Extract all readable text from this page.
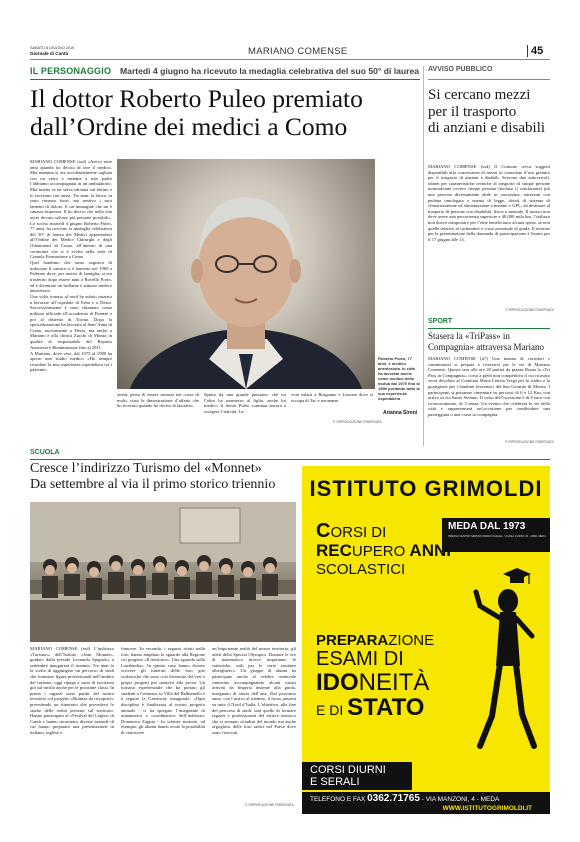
SABATO 8 GIUGNO 2019
Giornale di Cantù	MARIANO COMENSE	45
IL PERSONAGGIO Martedì 4 giugno ha ricevuto la medaglia celebrativa del suo 50° di laurea
Il dottor Roberto Puleo premiato
dall’Ordine dei medici a Como

MARIANO COMENSE (ssd) «Avevo sette anni quando ho deciso di fare il medico. Mia mamma si era accidentalmente tagliata con un vetro e insieme a mio padre l’abbiamo accompagnata in un ambulatorio. Mia madre se ne stava sdraiata sul lettino e lo facevano con ansia. Tre anni, la fatica, in sono rimasto fuori, ma sentivo i suoi lamenti di dolore. E un’immagine che mi è rimasta impressa. Il ho deciso che nella vita avrei dovuto salvare più persone possibili». Lo scorso martedì 4 giugno Roberto Puleo, 77 anni, ha ricevuto la medaglia celebrativa del 50° di laurea dei Medici appartenenti all’Ordine dei Medici Chirurghi e degli Odontoiatri di Como, all’interno di una cerimonia che si è svolta nella sede di Comola Formazione a Como.

Quel bambino che tanto sognava di indossare il camice si è laureato nel 1969 a Palermo dove, per motivi di famiglia, si era trasferito dopo essere nato a Rovello Porro, ed è diventato un brillante e stimato medico anestesista.

Una volta tornato al nord ha subito iniziato a lavorare all’ospedale di Erba e a Desio. Successivamente è stato chiamato come militare ufficiale all’accademia di Firenze e poi al distretto di Torino. Dopo la specializzazione ha lavorato al Sant’Anna di Como, nuovamente a Desio, ma anche a Mariano e alla clinica Zucchi di Monza in qualità di responsabile del Reparto Anestesia e Rianimazione fino al 2011.

A Mariano, dove vive, dal 1975 al 1989 ha aperto uno studio medico «Ho sempre ricordato la mia esperienza ospedaliera tra i pazienti»

Roberto Puleo, 77 anni, è medico anestesista. In città ha lavorato anche come medico della mutua dal 1975 fino al 1989 portando tutto la sua esperienza ospedaliera

zienti, perso di essere rimasto nel cuore di molti, visto le dimostrazione d’affetto che ho ricevuto quando ho deciso di lasciare».

Spinto da una grande passione, che tra l’altro ha trasmesso al figlio, anche lui medico, il dottor Puleo continua ancora a svolgere l’attività. La-

vora infatti a Brugnano e Lissone dove si occupa di Tac e risonanze.

Arianna Sironi
© RIPRODUZIONE RISERVATA
AVVISO PUBBLICO
Si cercano mezzi
per il trasporto
di anziani e disabili
MARIANO COMENSE (ssd) Il Comune cerca soggetti disponibili alla concessione di mezzi in comodato d’uso gratuito per il trasporto di anziani e disabili. Servono due autoveicoli, idonei per caratteristiche tecniche al trasporto di cinque persone normodotate ovvero cinque persone (incluso il conducente) più una persona diversamente abile in carrozzina, attrezzati con pedana omologata a norma di legge, dotati di sistema di climatizzazione ed alimentazione a metano o GPL, da destinare al trasporto di persone con disabilità, fisica o mentale. Il mezzo non deve avere una percorrenza superiore a 40.000 mila km, l’utilizzo non dovrà comportare per l’ente beneficiario alcuna spesa, se non quelle relative al carburante e costo personale di guida. Il termine per la presentazione della domanda di partecipazione è fissato per il 17 giugno alle 13.
© RIPRODUZIONE RISERVATA
SPORT
Stasera la «TriPass» in
Compagnia» attraversa Mariano
MARIANO COMENSE (tt7) Una manna di corridori e camminatori si prepara a riversarsi per le vie di Mariano Comense. Questa sera alle ore 20 partirà da piazza Roma la «Tri Pass in Compagnia», corsa a piedi non competitiva il cui ricavato verrà devoluto al Comitato Maria Letizia Verga per lo studio e la guarigione per i bambini leucemici del San Gerardo di Monza. I partecipanti si potranno cimentare su percorsi di 6 e 12 Km, con arrivo in via Santo Stefano. Il costo dell’iscrizione è di 6 euro con riconoscimento, di 3 senza. Un evento che celebrerà le vie della città e rappresenterà un’occasione per condividere una passeggiata o una corsa in compagnia.
© RIPRODUZIONE RISERVATA
SCUOLA
Cresce l’indirizzo Turismo del «Monnet»
Da settembre al via il primo storico triennio
MARIANO COMENSE (ssd) L’indirizzo «Turismo» dell’Istituto «Jean Monnet», guidato dalla preside Leonarda Spignolo, a settembre inaugurerà il triennio. Tre anni fa la scelta di aggiungere un percorso di studi che formasse figure professionali nell’ambito del turismo, oggi ripaga a suon di iscrizioni già sul tavolo anche per le prossime classi. In prima i ragazzi sono partiti dal nostro territorio col progetto «Brianza da riscoprire» prevedendo un itinerario che prevedeva lo studio delle realtà presenti sul territorio. Hanno partecipato al «Festival del Legno» di Cantù e hanno incontrato diverse aziende di cui hanno preparato una presentazione in italiano, inglese e
francese. In seconda, i ragazzi ritrati nella foto, hanno ampliato lo sguardo alla Regione col progetto «Il territorio». Uno sguardo sulla Lombardia». In questo caso hanno dovuto scrivere gli itinerari delle loro gite scolastiche che sono così diventate dei veri e propri progetti per mettersi alla prova. Un turismo esperienziale che ha portato gli studenti a Cremona, in Villa del Balbianello e a seguire la Greenway inaugurale. «Ogni disciplina è finalizzata al nostro progetto annuale - ci ha spiegato l’insegnante di matematica e coordinatrice dell’indirizzo, Domenica Zappia - In scienze motorie, ad esempio, gli alunni hanno avuto la possibilità di conoscere
un’importante realtà del nostro territorio, gli atleti della Special Olympics. Durante le ore di matematica invece impariamo le statistiche, utili per le varie strutture alberghiere». Un gruppo di alunni ha partecipato anche al celebre carnevale cantorino accompagnando alcuni turisti arrivati da Imperia insieme alla guida, insegnano di storia dell’arte. Dal prossimo anno, con l’arrivo al triennio, il focus passerà su tutto il Nord d’Italia. L’obiettivo, alla fine del percorso di studi, sarà quello di formare ragazzi e professionisti del settore turistico che si sentano cittadini del mondo ma anche orgogliosi delle loro radici nel Paese dove sono cresciuti.
© RIPRODUZIONE RISERVATA
ISTITUTO GRIMOLDI
MEDA DAL 1973
PRESSO CENTRO SERVIZI PARROCCHIALE - VIA DEL CORSO 34 - 20821 MEDA
CORSI DI
RECUPERO ANNI
SCOLASTICI
PREPARAZIONE
ESAMI DI
IDONEITÀ
E DI STATO
CORSI DIURNI
E SERALI
TELEFONO E FAX 0362.71765 - VIA MANZONI, 4 - MEDA
WWW.ISTITUTOGRIMOLDI.IT
